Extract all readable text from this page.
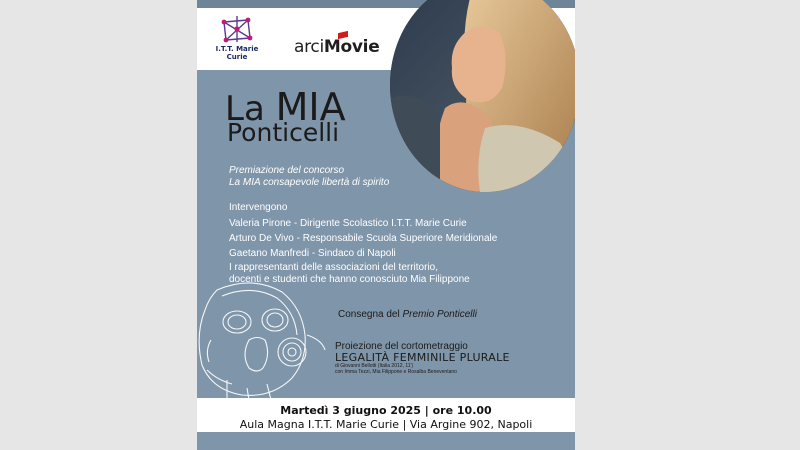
I.T.T. Marie Curie	arciMovie
La MIA
Ponticelli
Premiazione del concorso
La MIA consapevole libertà di spirito
Intervengono
Valeria Pirone - Dirigente Scolastico I.T.T. Marie Curie
Arturo De Vivo - Responsabile Scuola Superiore Meridionale
Gaetano Manfredi - Sindaco di Napoli
I rappresentanti delle associazioni del territorio,
docenti e studenti che hanno conosciuto Mia Filippone
Consegna del Premio Ponticelli
Proiezione del cortometraggio
LEGALITÀ FEMMINILE PLURALE
di Giovanni Bellotti (Italia 2012, 11')
con Imma Tezzi, Mia Filippone e Rosalba Beneventano
Martedì 3 giugno 2025 | ore 10.00
Aula Magna I.T.T. Marie Curie | Via Argine 902, Napoli
